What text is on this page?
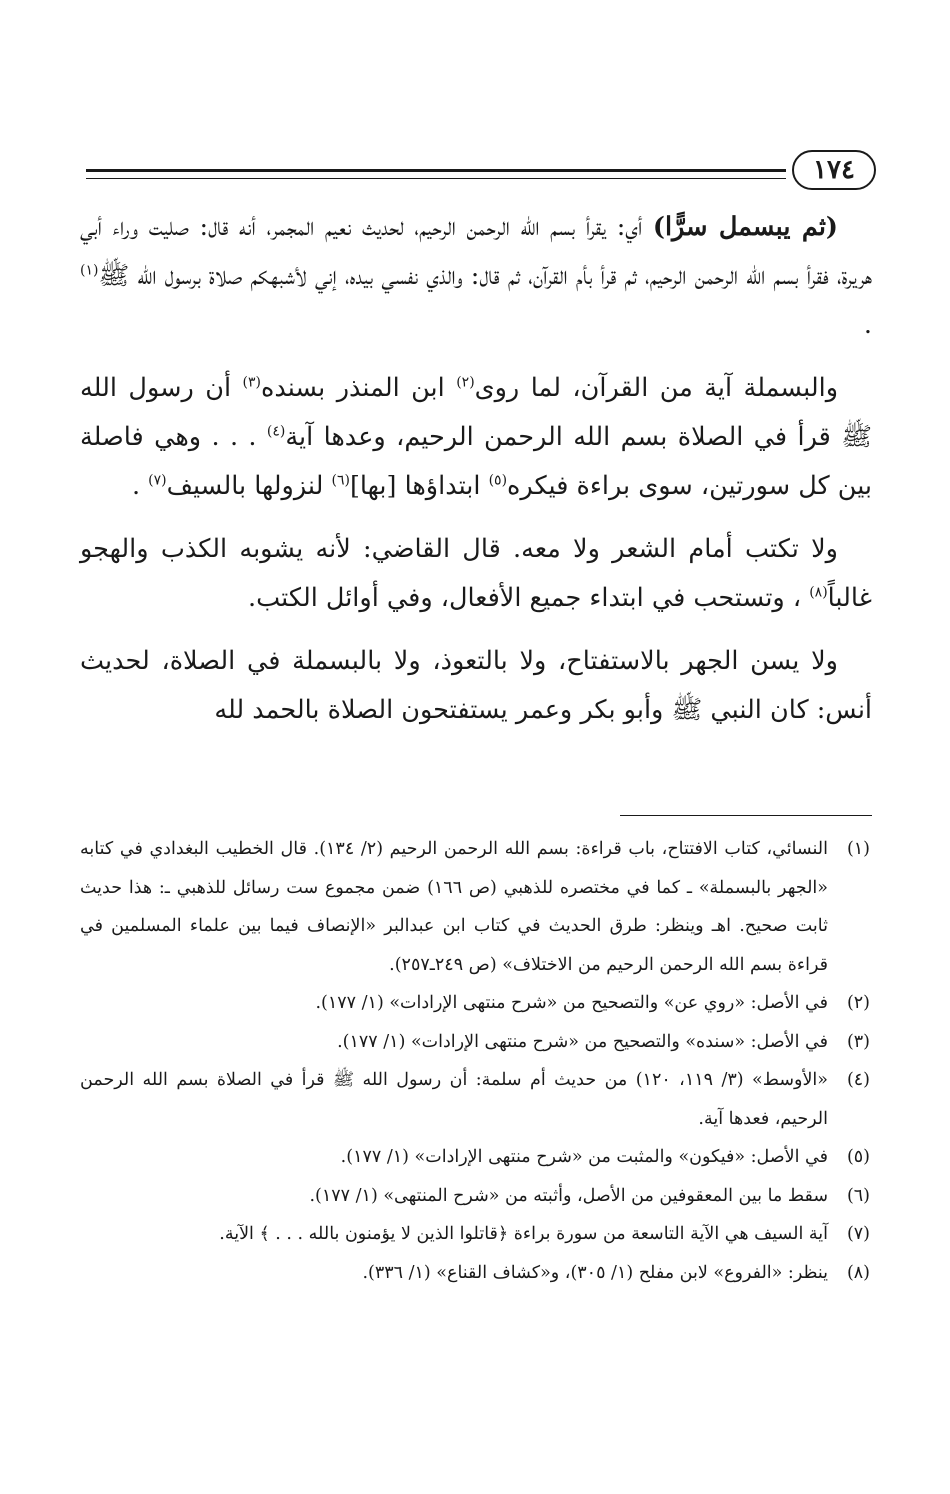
١٧٤

(ثم يبسمل سرًّا) أي: يقرأ بسم الله الرحمن الرحيم، لحديث نعيم المجمر، أنه قال: صليت وراء أبي هريرة، فقرأ بسم الله الرحمن الرحيم، ثم قرأ بأم القرآن، ثم قال: والذي نفسي بيده، إني لأشبهكم صلاة برسول الله ﷺ$^{(١)}$ .

والبسملة آية من القرآن، لما روى$^{(٢)}$ ابن المنذر بسنده$^{(٣)}$ أن رسول الله ﷺ قرأ في الصلاة بسم الله الرحمن الرحيم، وعدها آية$^{(٤)}$ . . . وهي فاصلة بين كل سورتين، سوى براءة فيكره$^{(٥)}$ ابتداؤها [بها]$^{(٦)}$ لنزولها بالسيف$^{(٧)}$ .

ولا تكتب أمام الشعر ولا معه. قال القاضي: لأنه يشوبه الكذب والهجو غالباً$^{(٨)}$ ، وتستحب في ابتداء جميع الأفعال، وفي أوائل الكتب.

ولا يسن الجهر بالاستفتاح، ولا بالتعوذ، ولا بالبسملة في الصلاة، لحديث أنس: كان النبي ﷺ وأبو بكر وعمر يستفتحون الصلاة بالحمد لله

(١)النسائي، كتاب الافتتاح، باب قراءة: بسم الله الرحمن الرحيم (٢/ ١٣٤). قال الخطيب البغدادي في كتابه «الجهر بالبسملة» ـ كما في مختصره للذهبي (ص ١٦٦) ضمن مجموع ست رسائل للذهبي ـ: هذا حديث ثابت صحيح. اهـ وينظر: طرق الحديث في كتاب ابن عبدالبر «الإنصاف فيما بين علماء المسلمين في قراءة بسم الله الرحمن الرحيم من الاختلاف» (ص ٢٤٩ـ٢٥٧).

(٢)في الأصل: «روي عن» والتصحيح من «شرح منتهى الإرادات» (١/ ١٧٧).

(٣)في الأصل: «سنده» والتصحيح من «شرح منتهى الإرادات» (١/ ١٧٧).

(٤)«الأوسط» (٣/ ١١٩، ١٢٠) من حديث أم سلمة: أن رسول الله ﷺ قرأ في الصلاة بسم الله الرحمن الرحيم، فعدها آية.

(٥)في الأصل: «فيكون» والمثبت من «شرح منتهى الإرادات» (١/ ١٧٧).

(٦)سقط ما بين المعقوفين من الأصل، وأثبته من «شرح المنتهى» (١/ ١٧٧).

(٧)آية السيف هي الآية التاسعة من سورة براءة ﴿قاتلوا الذين لا يؤمنون بالله . . . ﴾ الآية.

(٨)ينظر: «الفروع» لابن مفلح (١/ ٣٠٥)، و«كشاف القناع» (١/ ٣٣٦).
